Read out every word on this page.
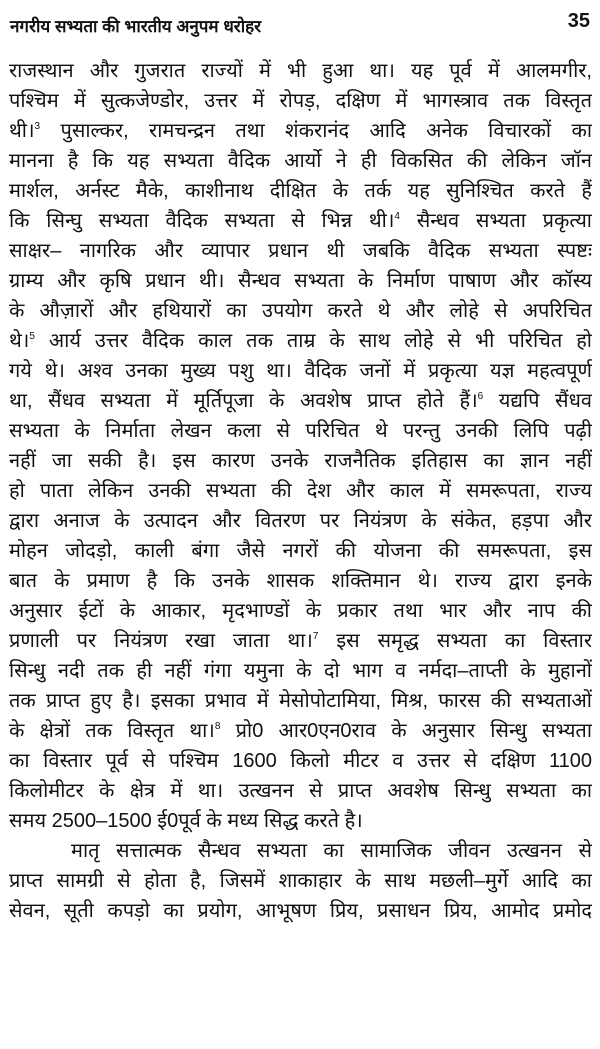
नगरीय सभ्यता की भारतीय अनुपम धरोहर	35
राजस्थान और गुजरात राज्यों में भी हुआ था। यह पूर्व में आलमगीर,
पश्चिम में सुत्कजेण्डोर, उत्तर में रोपड़, दक्षिण में भागस्त्राव तक विस्तृत
थी।$^3$ पुसाल्कर, रामचन्द्रन तथा शंकरानंद आदि अनेक विचारकों का
मानना है कि यह सभ्यता वैदिक आर्यो ने ही विकसित की लेकिन जॉन
मार्शल, अर्नस्ट मैके, काशीनाथ दीक्षित के तर्क यह सुनिश्चित करते हैं
कि सिन्घु सभ्यता वैदिक सभ्यता से भिन्न थी।$^4$ सैन्धव सभ्यता प्रकृत्या
साक्षर– नागरिक और व्यापार प्रधान थी जबकि वैदिक सभ्यता स्पष्टः
ग्राम्य और कृषि प्रधान थी। सैन्धव सभ्यता के निर्माण पाषाण और कॉस्य
के औज़ारों और हथियारों का उपयोग करते थे और लोहे से अपरिचित
थे।$^5$ आर्य उत्तर वैदिक काल तक ताम्र के साथ लोहे से भी परिचित हो
गये थे। अश्व उनका मुख्य पशु था। वैदिक जनों में प्रकृत्या यज्ञ महत्वपूर्ण
था, सैंधव सभ्यता में मूर्तिपूजा के अवशेष प्राप्त होते हैं।$^6$ यद्यपि सैंधव
सभ्यता के निर्माता लेखन कला से परिचित थे परन्तु उनकी लिपि पढ़ी
नहीं जा सकी है। इस कारण उनके राजनैतिक इतिहास का ज्ञान नहीं
हो पाता लेकिन उनकी सभ्यता की देश और काल में समरूपता, राज्य
द्वारा अनाज के उत्पादन और वितरण पर नियंत्रण के संकेत, हड़पा और
मोहन जोदड़ो, काली बंगा जैसे नगरों की योजना की समरूपता, इस
बात के प्रमाण है कि उनके शासक शक्तिमान थे। राज्य द्वारा इनके
अनुसार ईटों के आकार, मृदभाण्डों के प्रकार तथा भार और नाप की
प्रणाली पर नियंत्रण रखा जाता था।$^7$ इस समृद्ध सभ्यता का विस्तार
सिन्धु नदी तक ही नहीं गंगा यमुना के दो भाग व नर्मदा–ताप्ती के मुहानों
तक प्राप्त हुए है। इसका प्रभाव में मेसोपोटामिया, मिश्र, फारस की सभ्यताओं
के क्षेत्रों तक विस्तृत था।$^8$ प्रो0 आर0एन0राव के अनुसार सिन्धु सभ्यता
का विस्तार पूर्व से पश्चिम 1600 किलो मीटर व उत्तर से दक्षिण 1100
किलोमीटर के क्षेत्र में था। उत्खनन से प्राप्त अवशेष सिन्धु सभ्यता का
समय 2500–1500 ई0पूर्व के मध्य सिद्ध करते है।
मातृ सत्तात्मक सैन्धव सभ्यता का सामाजिक जीवन उत्खनन से
प्राप्त सामग्री से होता है, जिसमें शाकाहार के साथ मछली–मुर्गे आदि का
सेवन, सूती कपड़ो का प्रयोग, आभूषण प्रिय, प्रसाधन प्रिय, आमोद प्रमोद
